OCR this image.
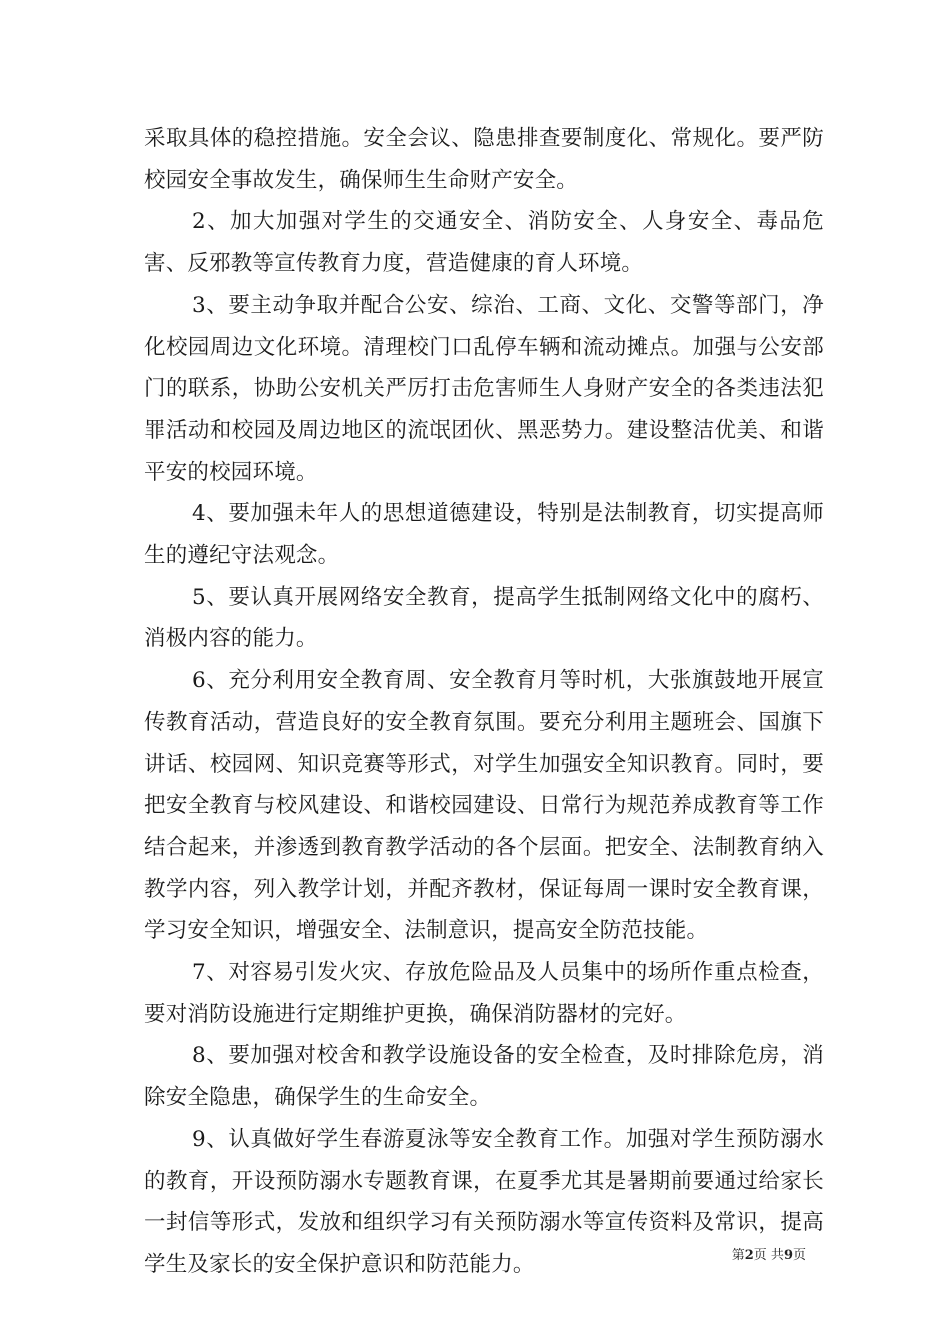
采取具体的稳控措施。安全会议、隐患排查要制度化、常规化。要严防校园安全事故发生，确保师生生命财产安全。

2、加大加强对学生的交通安全、消防安全、人身安全、毒品危害、反邪教等宣传教育力度，营造健康的育人环境。

3、要主动争取并配合公安、综治、工商、文化、交警等部门，净化校园周边文化环境。清理校门口乱停车辆和流动摊点。加强与公安部门的联系，协助公安机关严厉打击危害师生人身财产安全的各类违法犯罪活动和校园及周边地区的流氓团伙、黑恶势力。建设整洁优美、和谐平安的校园环境。

4、要加强未年人的思想道德建设，特别是法制教育，切实提高师生的遵纪守法观念。

5、要认真开展网络安全教育，提高学生抵制网络文化中的腐朽、消极内容的能力。

6、充分利用安全教育周、安全教育月等时机，大张旗鼓地开展宣传教育活动，营造良好的安全教育氛围。要充分利用主题班会、国旗下讲话、校园网、知识竞赛等形式，对学生加强安全知识教育。同时，要把安全教育与校风建设、和谐校园建设、日常行为规范养成教育等工作结合起来，并渗透到教育教学活动的各个层面。把安全、法制教育纳入教学内容，列入教学计划，并配齐教材，保证每周一课时安全教育课，学习安全知识，增强安全、法制意识，提高安全防范技能。

7、对容易引发火灾、存放危险品及人员集中的场所作重点检查，要对消防设施进行定期维护更换，确保消防器材的完好。

8、要加强对校舍和教学设施设备的安全检查，及时排除危房，消除安全隐患，确保学生的生命安全。

9、认真做好学生春游夏泳等安全教育工作。加强对学生预防溺水的教育，开设预防溺水专题教育课，在夏季尤其是暑期前要通过给家长一封信等形式，发放和组织学习有关预防溺水等宣传资料及常识，提高学生及家长的安全保护意识和防范能力。	第2页 共9页
